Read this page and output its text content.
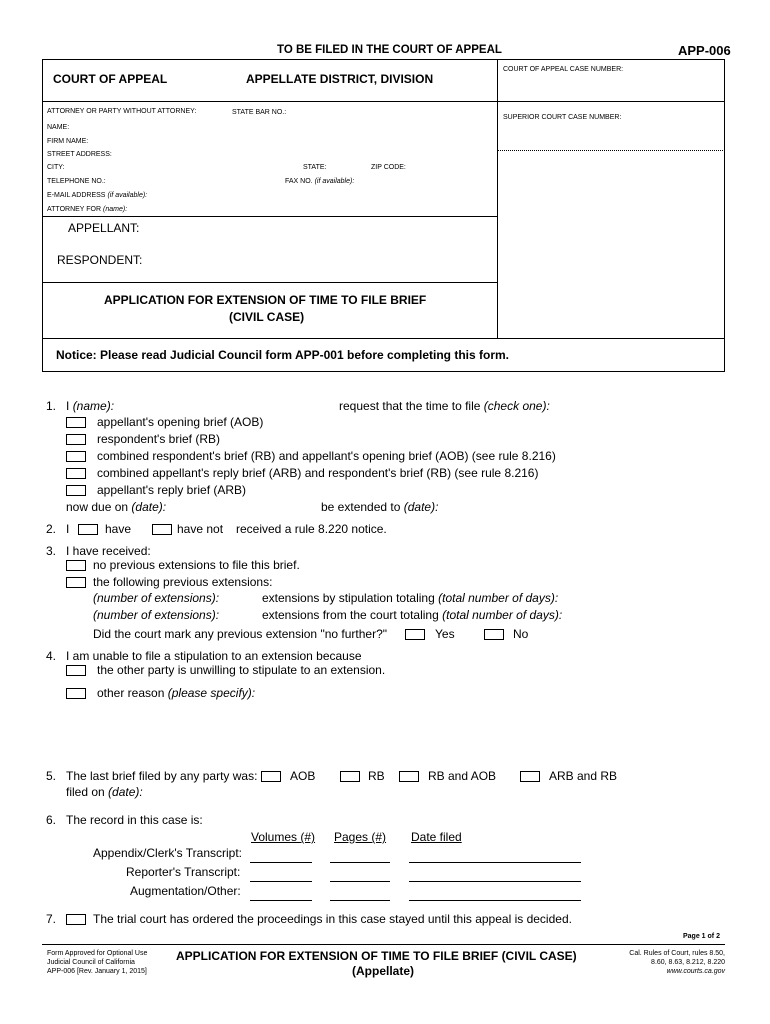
TO BE FILED IN THE COURT OF APPEAL	APP-006
COURT OF APPEAL	APPELLATE DISTRICT, DIVISION
COURT OF APPEAL CASE NUMBER:
SUPERIOR COURT CASE NUMBER:
ATTORNEY OR PARTY WITHOUT ATTORNEY:	STATE BAR NO.:
NAME:
FIRM NAME:
STREET ADDRESS:
CITY:	STATE:	ZIP CODE:
TELEPHONE NO.:	FAX NO. (if available):
E-MAIL ADDRESS (if available):
ATTORNEY FOR (name):
APPELLANT:
RESPONDENT:
APPLICATION FOR EXTENSION OF TIME TO FILE BRIEF
(CIVIL CASE)
Notice: Please read Judicial Council form APP-001 before completing this form.
1. I (name):	request that the time to file (check one):
appellant's opening brief (AOB)
respondent's brief (RB)
combined respondent's brief (RB) and appellant's opening brief (AOB) (see rule 8.216)
combined appellant's reply brief (ARB) and respondent's brief (RB) (see rule 8.216)
appellant's reply brief (ARB)
now due on (date):	be extended to (date):
2. I	have	have not received a rule 8.220 notice.
3. I have received:
no previous extensions to file this brief.
the following previous extensions:
(number of extensions):	extensions by stipulation totaling (total number of days):
(number of extensions):	extensions from the court totaling (total number of days):
Did the court mark any previous extension "no further?"	Yes	No
4. I am unable to file a stipulation to an extension because
the other party is unwilling to stipulate to an extension.
other reason (please specify):
5. The last brief filed by any party was:	AOB	RB	RB and AOB	ARB and RB
filed on (date):
6. The record in this case is:
Volumes (#) Pages (#) Date filed
Appendix/Clerk's Transcript:
Reporter's Transcript:
Augmentation/Other:
7.	The trial court has ordered the proceedings in this case stayed until this appeal is decided.
Page 1 of 2
Form Approved for Optional Use
Judicial Council of California
APP-006 [Rev. January 1, 2015]
APPLICATION FOR EXTENSION OF TIME TO FILE BRIEF (CIVIL CASE)
(Appellate)
Cal. Rules of Court, rules 8.50,
8.60, 8.63, 8.212, 8.220
www.courts.ca.gov
